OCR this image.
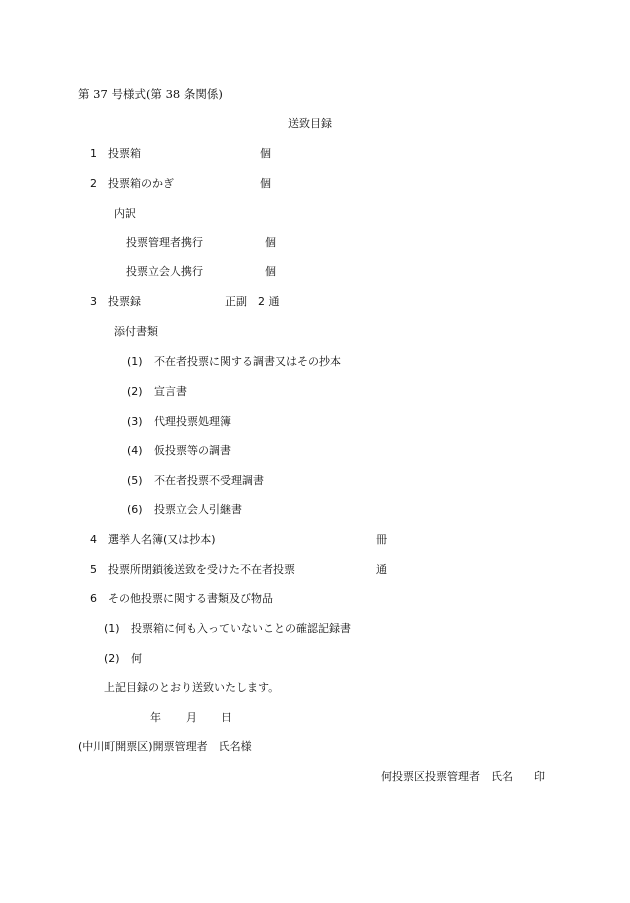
第 37 号様式(第 38 条関係)
送致目録
1 投票箱	個
2 投票箱のかぎ	個
内訳
投票管理者携行	個
投票立会人携行	個
3 投票録	正副　2 通
添付書類
(1) 不在者投票に関する調書又はその抄本
(2) 宣言書
(3) 代理投票処理簿
(4) 仮投票等の調書
(5) 不在者投票不受理調書
(6) 投票立会人引継書
4 選挙人名簿(又は抄本)	冊
5 投票所閉鎖後送致を受けた不在者投票	通
6 その他投票に関する書類及び物品
(1) 投票箱に何も入っていないことの確認記録書
(2) 何
上記目録のとおり送致いたします。
年 月 日
(中川町開票区)開票管理者　氏名様
何投票区投票管理者　氏名 印
